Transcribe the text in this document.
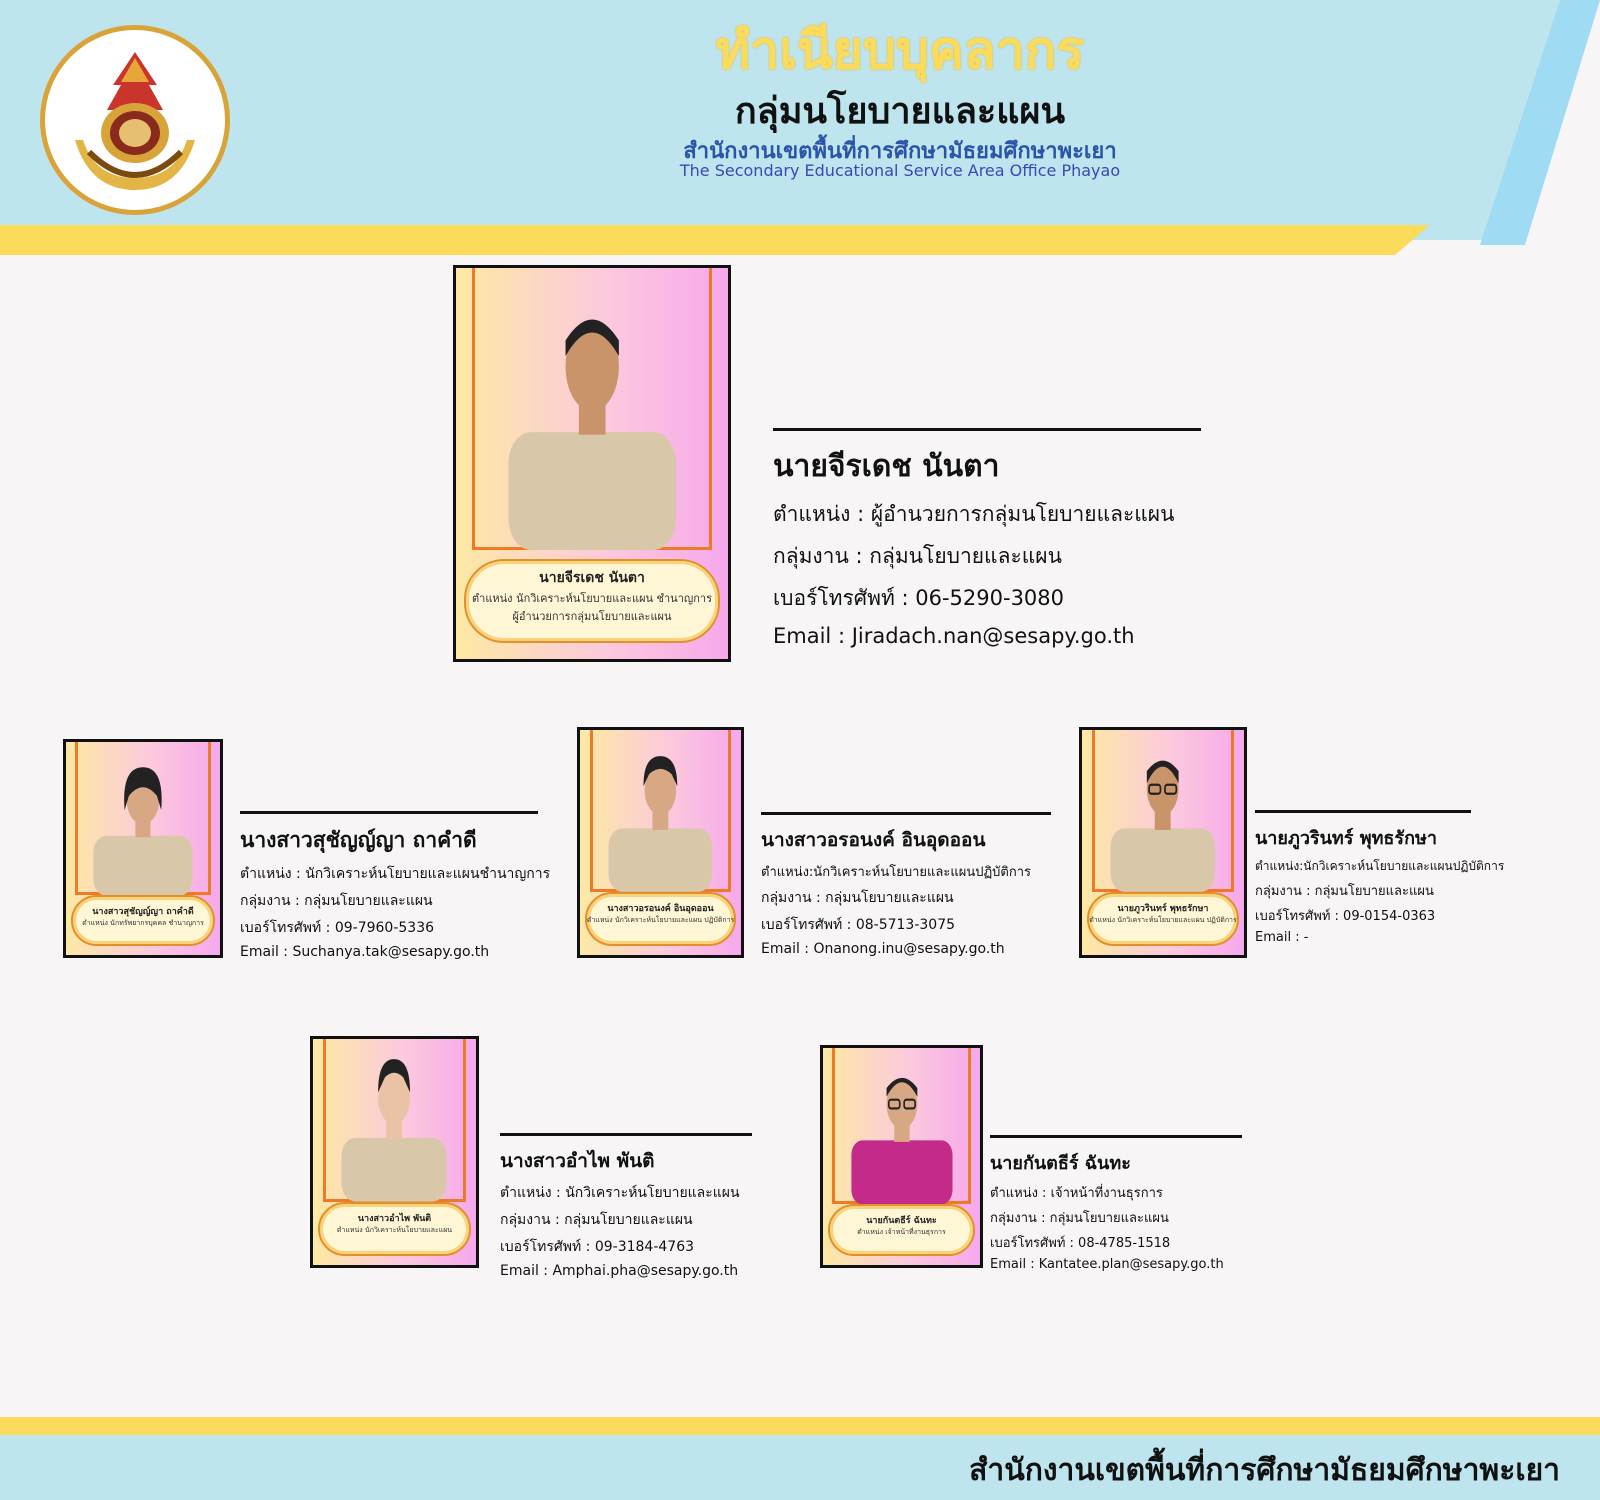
ทำเนียบบุคลากร
กลุ่มนโยบายและแผน
สำนักงานเขตพื้นที่การศึกษามัธยมศึกษาพะเยา
The Secondary Educational Service Area Office Phayao
นายจีรเดช นันตา
ตำแหน่ง นักวิเคราะห์นโยบายและแผน ชำนาญการ
ผู้อำนวยการกลุ่มนโยบายและแผน
นายจีรเดช นันตา
ตำแหน่ง : ผู้อำนวยการกลุ่มนโยบายและแผน
กลุ่มงาน : กลุ่มนโยบายและแผน
เบอร์โทรศัพท์ : 06-5290-3080
Email : Jiradach.nan@sesapy.go.th
นางสาวสุชัญญ์ญา ถาคำดี
ตำแหน่ง นักทรัพยากรบุคคล ชำนาญการ
นางสาวสุชัญญ์ญา ถาคำดี
ตำแหน่ง : นักวิเคราะห์นโยบายและแผนชำนาญการ
กลุ่มงาน : กลุ่มนโยบายและแผน
เบอร์โทรศัพท์ : 09-7960-5336
Email : Suchanya.tak@sesapy.go.th
นางสาวอรอนงค์ อินอุดออน
ตำแหน่ง นักวิเคราะห์นโยบายและแผน ปฏิบัติการ
นางสาวอรอนงค์ อินอุดออน
ตำแหน่ง:นักวิเคราะห์นโยบายและแผนปฏิบัติการ
กลุ่มงาน : กลุ่มนโยบายและแผน
เบอร์โทรศัพท์ : 08-5713-3075
Email : Onanong.inu@sesapy.go.th
นายภูวรินทร์ พุทธรักษา
ตำแหน่ง นักวิเคราะห์นโยบายและแผน ปฏิบัติการ
นายภูวรินทร์ พุทธรักษา
ตำแหน่ง:นักวิเคราะห์นโยบายและแผนปฏิบัติการ
กลุ่มงาน : กลุ่มนโยบายและแผน
เบอร์โทรศัพท์ : 09-0154-0363
Email : -
นางสาวอำไพ พันติ
ตำแหน่ง นักวิเคราะห์นโยบายและแผน
นางสาวอำไพ พันติ
ตำแหน่ง : นักวิเคราะห์นโยบายและแผน
กลุ่มงาน : กลุ่มนโยบายและแผน
เบอร์โทรศัพท์ : 09-3184-4763
Email : Amphai.pha@sesapy.go.th
นายกันตธีร์ ฉันทะ
ตำแหน่ง เจ้าหน้าที่งานธุรการ
นายกันตธีร์ ฉันทะ
ตำแหน่ง : เจ้าหน้าที่งานธุรการ
กลุ่มงาน : กลุ่มนโยบายและแผน
เบอร์โทรศัพท์ : 08-4785-1518
Email : Kantatee.plan@sesapy.go.th
สำนักงานเขตพื้นที่การศึกษามัธยมศึกษาพะเยา
